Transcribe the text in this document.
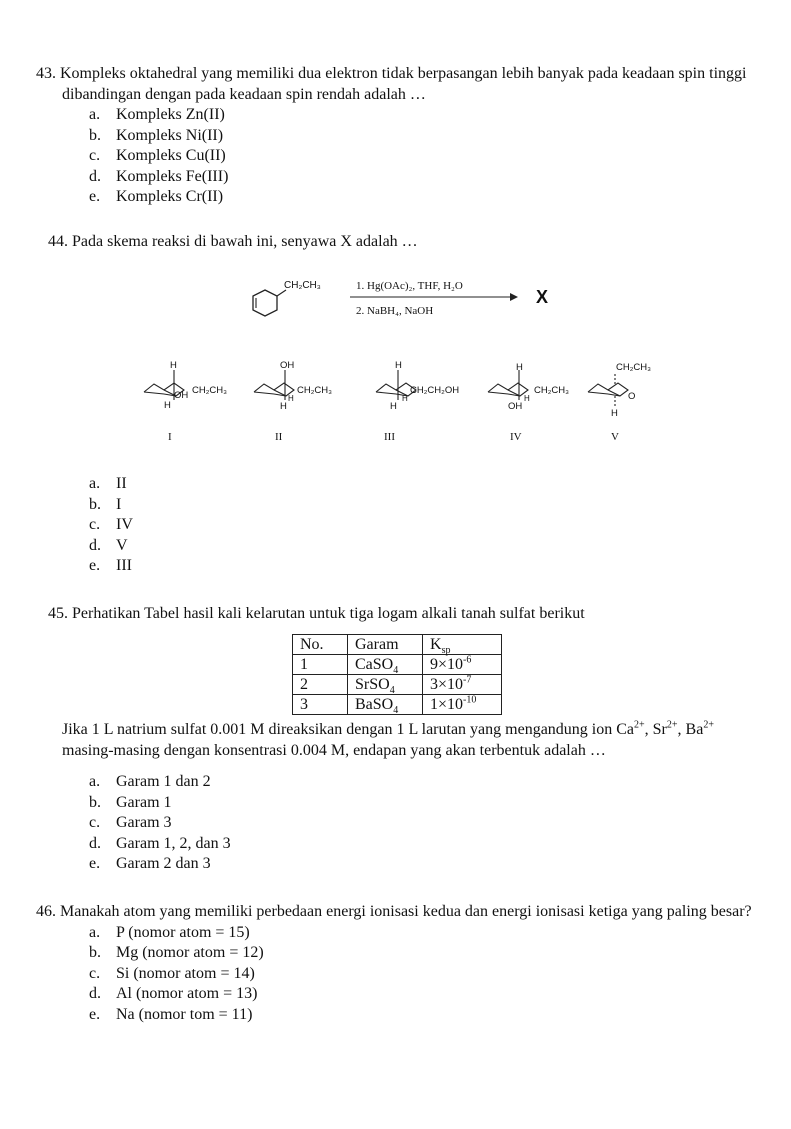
43. Kompleks oktahedral yang memiliki dua elektron tidak berpasangan lebih banyak pada keadaan spin tinggi dibandingan dengan pada keadaan spin rendah adalah …
a. Kompleks Zn(II)
b. Kompleks Ni(II)
c. Kompleks Cu(II)
d. Kompleks Fe(III)
e. Kompleks Cr(II)
44. Pada skema reaksi di bawah ini, senyawa X adalah …
CH₂CH₃	1. Hg(OAc)₂, THF, H₂O
2. NaBH₄, NaOH
X
H
OH CH₂CH₃
H
I
OH
H
CH₂CH₃
H
II
H
H
CH₂CH₂OH
H
III
H
H
CH₂CH₃
OH
IV
CH₂CH₃
O
H
V
a. II
b. I
c. IV
d. V
e. III
45. Perhatikan Tabel hasil kali kelarutan untuk tiga logam alkali tanah sulfat berikut
No.	Garam	$K_{sp}$
1	CaSO$_4$	$9\times 10^{-6}$
2	SrSO$_4$	$3\times 10^{-7}$
3	BaSO$_4$	$1\times 10^{-10}$
Jika 1 L natrium sulfat 0.001 M direaksikan dengan 1 L larutan yang mengandung ion $Ca^{2+}$, $Sr^{2+}$, $Ba^{2+}$
masing-masing dengan konsentrasi 0.004 M, endapan yang akan terbentuk adalah …
a. Garam 1 dan 2
b. Garam 1
c. Garam 3
d. Garam 1, 2, dan 3
e. Garam 2 dan 3
46. Manakah atom yang memiliki perbedaan energi ionisasi kedua dan energi ionisasi ketiga yang paling besar?
a. P (nomor atom = 15)
b. Mg (nomor atom = 12)
c. Si (nomor atom = 14)
d. Al (nomor atom = 13)
e. Na (nomor tom = 11)
